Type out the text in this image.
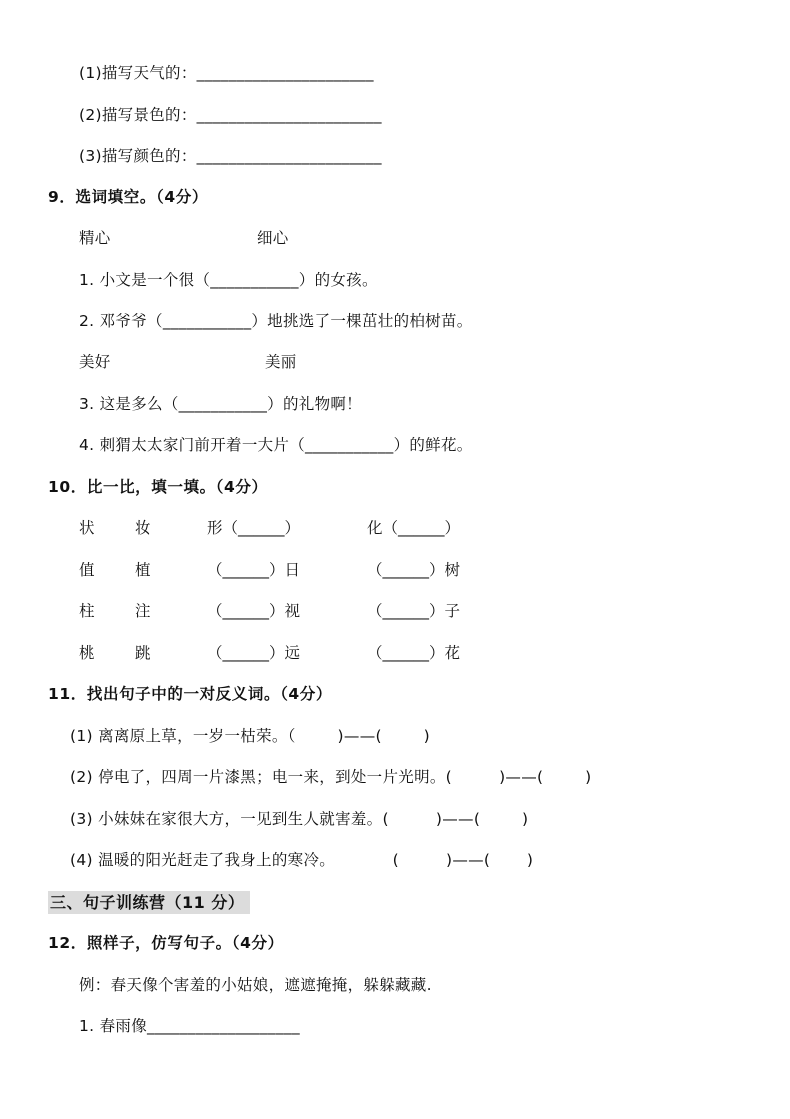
(1)描写天气的：______________________
(2)描写景色的：_______________________
(3)描写颜色的：_______________________
9．选词填空。（4分）
精心	细心
1. 小文是一个很（___________）的女孩。
2. 邓爷爷（___________）地挑选了一棵茁壮的柏树苗。
美好	美丽
3. 这是多么（___________）的礼物啊！
4. 刺猬太太家门前开着一大片（___________）的鲜花。
10．比一比，填一填。（4分）
状	妆	形（______）	化（______）
值	植	（______）日	（______）树
柱	注	（______）视	（______）子
桃	跳	（______）远	（______）花
11．找出句子中的一对反义词。（4分）
(1) 离离原上草，一岁一枯荣。（        )——(        )
(2) 停电了，四周一片漆黑；电一来，到处一片光明。(         )——(        )
(3) 小妹妹在家很大方，一见到生人就害羞。(         )——(        )
(4) 温暖的阳光赶走了我身上的寒冷。           (         )——(       )
三、句子训练营（11 分）
12．照样子，仿写句子。（4分）
例：春天像个害羞的小姑娘，遮遮掩掩，躲躲藏藏.
1. 春雨像___________________
